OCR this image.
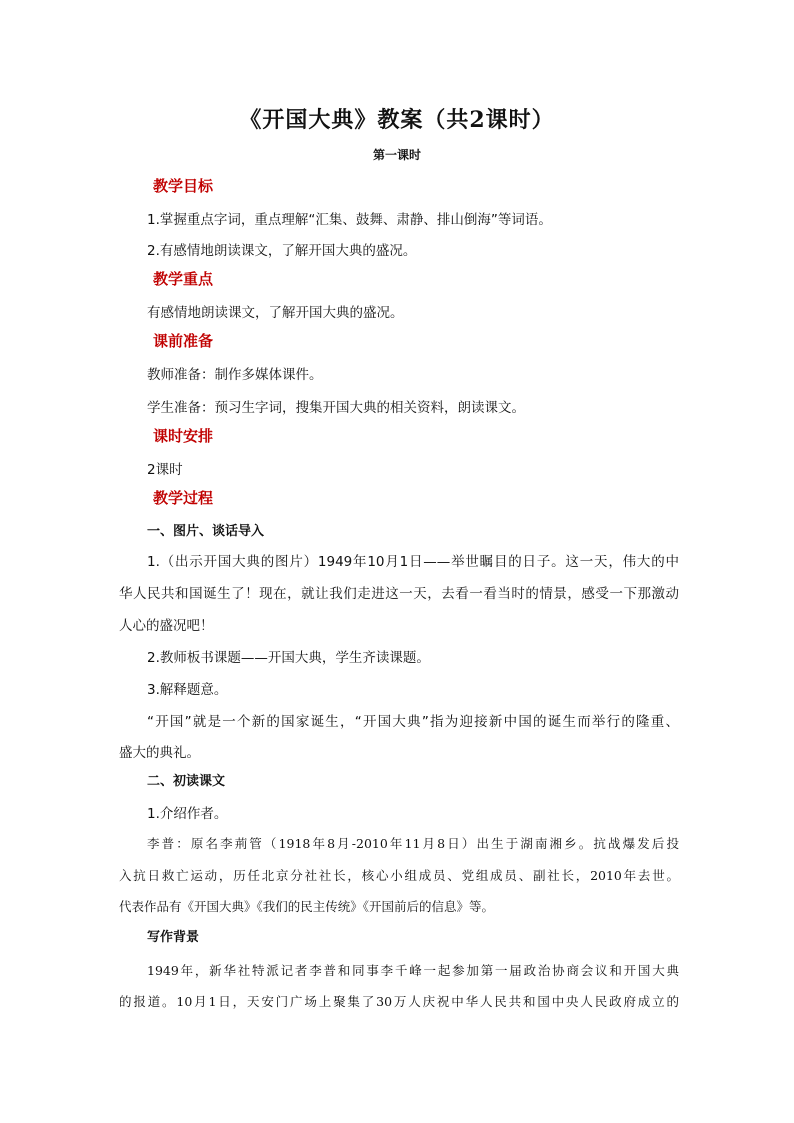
《开国大典》教案（共2课时）
第一课时
教学目标
1.掌握重点字词，重点理解“汇集、鼓舞、肃静、排山倒海”等词语。
2.有感情地朗读课文，了解开国大典的盛况。
教学重点
有感情地朗读课文，了解开国大典的盛况。
课前准备
教师准备：制作多媒体课件。
学生准备：预习生字词，搜集开国大典的相关资料，朗读课文。
课时安排
2课时
教学过程
一、图片、谈话导入
1.（出示开国大典的图片）1949年10月1日——举世瞩目的日子。这一天，伟大的中
华人民共和国诞生了！现在，就让我们走进这一天，去看一看当时的情景，感受一下那激动
人心的盛况吧！
2.教师板书课题——开国大典，学生齐读课题。
3.解释题意。
“开国”就是一个新的国家诞生，“开国大典”指为迎接新中国的诞生而举行的隆重、
盛大的典礼。
二、初读课文
1.介绍作者。
李普：原名李荊管（1918年8月-2010年11月8日）出生于湖南湘乡。抗战爆发后投
入抗日救亡运动，历任北京分社社长，核心小组成员、党组成员、副社长，2010年去世。
代表作品有《开国大典》《我们的民主传统》《开国前后的信息》等。
写作背景
1949年，新华社特派记者李普和同事李千峰一起参加第一届政治协商会议和开国大典
的报道。10月1日，天安门广场上聚集了30万人庆祝中华人民共和国中央人民政府成立的
